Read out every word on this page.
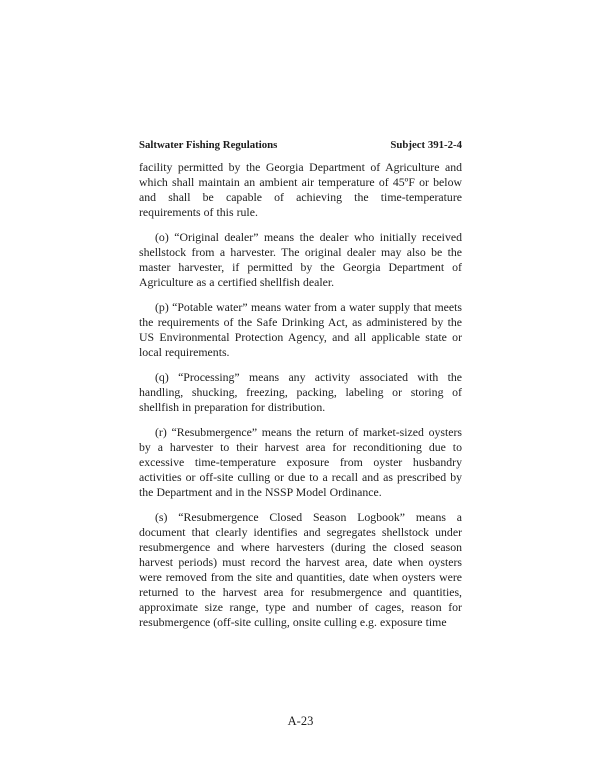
Saltwater Fishing Regulations	Subject 391-2-4

facility permitted by the Georgia Department of Agriculture and which shall maintain an ambient air temperature of 45ºF or below and shall be capable of achieving the time-temperature requirements of this rule.

(o) “Original dealer” means the dealer who initially received shellstock from a harvester. The original dealer may also be the master harvester, if permitted by the Georgia Department of Agriculture as a certified shellfish dealer.

(p) “Potable water” means water from a water supply that meets the requirements of the Safe Drinking Act, as administered by the US Environmental Protection Agency, and all applicable state or local requirements.

(q) “Processing” means any activity associated with the handling, shucking, freezing, packing, labeling or storing of shellfish in preparation for distribution.

(r) “Resubmergence” means the return of market-sized oysters by a harvester to their harvest area for reconditioning due to excessive time-temperature exposure from oyster husbandry activities or off-site culling or due to a recall and as prescribed by the Department and in the NSSP Model Ordinance.

(s) “Resubmergence Closed Season Logbook” means a document that clearly identifies and segregates shellstock under resubmergence and where harvesters (during the closed season harvest periods) must record the harvest area, date when oysters were removed from the site and quantities, date when oysters were returned to the harvest area for resubmergence and quantities, approximate size range, type and number of cages, reason for resubmergence (off-site culling, onsite culling e.g. exposure time

A-23
